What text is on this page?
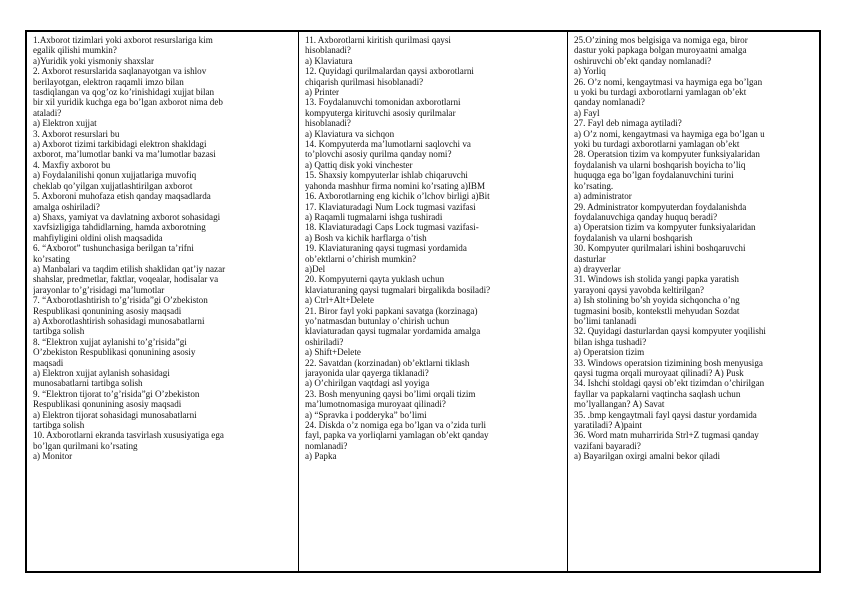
1.Axborot tizimlari yoki axborot resurslariga kim
egalik qilishi mumkin?
a)Yuridik yoki yismoniy shaxslar
2. Axborot resurslarida saqlanayotgan va ishlov
berilayotgan, elektron raqamli imzo bilan
tasdiqlangan va qog’oz ko’rinishidagi xujjat bilan
bir xil yuridik kuchga ega bo’lgan axborot nima deb
ataladi?
a) Elektron xujjat
3. Axborot resurslari bu
a) Axborot tizimi tarkibidagi elektron shakldagi
axborot, ma’lumotlar banki va ma’lumotlar bazasi
4. Maxfiy axborot bu
a) Foydalanilishi qonun xujjatlariga muvofiq
cheklab qo’yilgan xujjatlashtirilgan axborot
5. Axboroni muhofaza etish qanday maqsadlarda
amalga oshiriladi?
a) Shaxs, yamiyat va davlatning axborot sohasidagi
xavfsizligiga tahdidlarning, hamda axborotning
mahfiyligini oldini olish maqsadida
6. “Axborot” tushunchasiga berilgan ta’rifni
ko’rsating
a) Manbalari va taqdim etilish shaklidan qat’iy nazar
shahslar, predmetlar, faktlar, voqealar, hodisalar va
jarayonlar to’g’risidagi ma’lumotlar
7. “Axborotlashtirish to’g’risida”gi O’zbekiston
Respublikasi qonunining asosiy maqsadi
a) Axborotlashtirish sohasidagi munosabatlarni
tartibga solish
8. “Elektron xujjat aylanishi to’g’risida”gi
O’zbekiston Respublikasi qonunining asosiy
maqsadi
a) Elektron xujjat aylanish sohasidagi
munosabatlarni tartibga solish
9. “Elektron tijorat to’g’risida”gi O’zbekiston
Respublikasi qonunining asosiy maqsadi
a) Elektron tijorat sohasidagi munosabatlarni
tartibga solish
10. Axborotlarni ekranda tasvirlash xususiyatiga ega
bo’lgan qurilmani ko’rsating
a) Monitor
11. Axborotlarni kiritish qurilmasi qaysi
hisoblanadi?
a) Klaviatura
12. Quyidagi qurilmalardan qaysi axborotlarni
chiqarish qurilmasi hisoblanadi?
a) Printer
13. Foydalanuvchi tomonidan axborotlarni
kompyuterga kirituvchi asosiy qurilmalar
hisoblanadi?
a) Klaviatura va sichqon
14. Kompyuterda ma’lumotlarni saqlovchi va
to’plovchi asosiy qurilma qanday nomi?
a) Qattiq disk yoki vinchester
15. Shaxsiy kompyuterlar ishlab chiqaruvchi
yahonda mashhur firma nomini ko’rsating a)IBM
16. Axborotlarning eng kichik o’lchov birligi a)Bit
17. Klaviaturadagi Num Lock tugmasi vazifasi
a) Raqamli tugmalarni ishga tushiradi
18. Klaviaturadagi Caps Lock tugmasi vazifasi-
a) Bosh va kichik harflarga o’tish
19. Klaviaturaning qaysi tugmasi yordamida
ob’ektlarni o’chirish mumkin?
a)Del
20. Kompyuterni qayta yuklash uchun
klaviaturaning qaysi tugmalari birgalikda bosiladi?
a) Ctrl+Alt+Delete
21. Biror fayl yoki papkani savatga (korzinaga)
yo’natmasdan butunlay o’chirish uchun
klaviaturadan qaysi tugmalar yordamida amalga
oshiriladi?
a) Shift+Delete
22. Savatdan (korzinadan) ob’ektlarni tiklash
jarayonida ular qayerga tiklanadi?
a) O’chirilgan vaqtdagi asl yoyiga
23. Bosh menyuning qaysi bo’limi orqali tizim
ma’lumotnomasiga muroyaat qilinadi?
a) “Spravka i podderyka” bo’limi
24. Diskda o’z nomiga ega bo’lgan va o’zida turli
fayl, papka va yorliqlarni yamlagan ob’ekt qanday
nomlanadi?
a) Papka
25.O’zining mos belgisiga va nomiga ega, biror
dastur yoki papkaga bolgan muroyaatni amalga
oshiruvchi ob’ekt qanday nomlanadi?
a) Yorliq
26. O’z nomi, kengaytmasi va haymiga ega bo’lgan
u yoki bu turdagi axborotlarni yamlagan ob’ekt
qanday nomlanadi?
a) Fayl
27. Fayl deb nimaga aytiladi?
a) O’z nomi, kengaytmasi va haymiga ega bo’lgan u
yoki bu turdagi axborotlarni yamlagan ob’ekt
28. Operatsion tizim va kompyuter funksiyalaridan
foydalanish va ularni boshqarish boyicha to’liq
huquqga ega bo’lgan foydalanuvchini turini
ko’rsating.
a) administrator
29. Administrator kompyuterdan foydalanishda
foydalanuvchiga qanday huquq beradi?
a) Operatsion tizim va kompyuter funksiyalaridan
foydalanish va ularni boshqarish
30. Kompyuter qurilmalari ishini boshqaruvchi
dasturlar
a) drayverlar
31. Windows ish stolida yangi papka yaratish
yarayoni qaysi yavobda keltirilgan?
a) Ish stolining bo’sh yoyida sichqoncha o’ng
tugmasini bosib, kontekstli mehyudan Sozdat
bo’limi tanlanadi
32. Quyidagi dasturlardan qaysi kompyuter yoqilishi
bilan ishga tushadi?
a) Operatsion tizim
33. Windows operatsion tizimining bosh menyusiga
qaysi tugma orqali muroyaat qilinadi? A) Pusk
34. Ishchi stoldagi qaysi ob’ekt tizimdan o’chirilgan
fayllar va papkalarni vaqtincha saqlash uchun
mo’lyallangan? A) Savat
35. .bmp kengaytmali fayl qaysi dastur yordamida
yaratiladi? A)paint
36. Word matn muharririda Strl+Z tugmasi qanday
vazifani bayaradi?
a) Bayarilgan oxirgi amalni bekor qiladi
